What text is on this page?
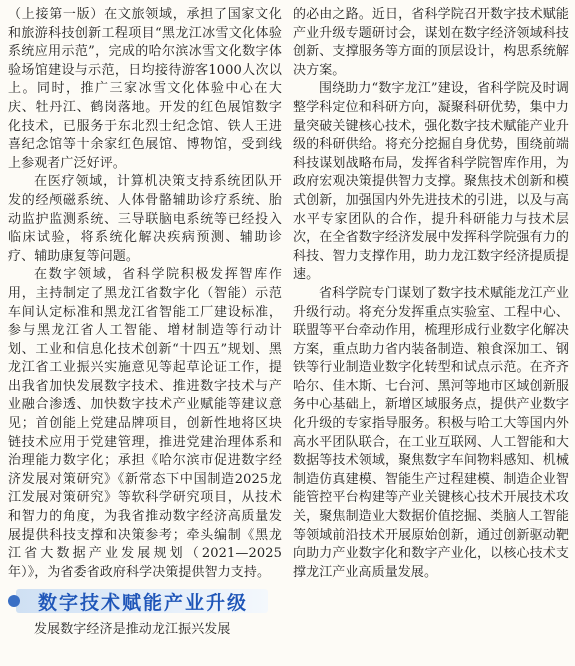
（上接第一版）在文旅领域，承担了国家文化和旅游科技创新工程项目“黑龙江冰雪文化体验系统应用示范”，完成的哈尔滨冰雪文化数字体验场馆建设与示范，日均接待游客1000人次以上。同时，推广三家冰雪文化体验中心在大庆、牡丹江、鹤岗落地。开发的红色展馆数字化技术，已服务于东北烈士纪念馆、铁人王进喜纪念馆等十余家红色展馆、博物馆，受到线上参观者广泛好评。

在医疗领域，计算机决策支持系统团队开发的经颅磁系统、人体骨骼辅助诊疗系统、胎动监护监测系统、三导联脑电系统等已经投入临床试验，将系统化解决疾病预测、辅助诊疗、辅助康复等问题。

在数字领域，省科学院积极发挥智库作用，主持制定了黑龙江省数字化（智能）示范车间认定标准和黑龙江省智能工厂建设标准，参与黑龙江省人工智能、增材制造等行动计划、工业和信息化技术创新“十四五”规划、黑龙江省工业振兴实施意见等起草论证工作，提出我省加快发展数字技术、推进数字技术与产业融合渗透、加快数字技术产业赋能等建议意见；首创能上党建品牌项目，创新性地将区块链技术应用于党建管理，推进党建治理体系和治理能力数字化；承担《哈尔滨市促进数字经济发展对策研究》《新常态下中国制造2025龙江发展对策研究》等软科学研究项目，从技术和智力的角度，为我省推动数字经济高质量发展提供科技支撑和决策参考；牵头编制《黑龙江省大数据产业发展规划（2021—2025年）》，为省委省政府科学决策提供智力支持。

数字技术赋能产业升级

发展数字经济是推动龙江振兴发展

的必由之路。近日，省科学院召开数字技术赋能产业升级专题研讨会，谋划在数字经济领域科技创新、支撑服务等方面的顶层设计，构思系统解决方案。

围绕助力“数字龙江”建设，省科学院及时调整学科定位和科研方向，凝聚科研优势，集中力量突破关键核心技术，强化数字技术赋能产业升级的科研供给。将充分挖掘自身优势，围绕前端科技谋划战略布局，发挥省科学院智库作用，为政府宏观决策提供智力支撑。聚焦技术创新和模式创新，加强国内外先进技术的引进，以及与高水平专家团队的合作，提升科研能力与技术层次，在全省数字经济发展中发挥科学院强有力的科技、智力支撑作用，助力龙江数字经济提质提速。

省科学院专门谋划了数字技术赋能龙江产业升级行动。将充分发挥重点实验室、工程中心、联盟等平台牵动作用，梳理形成行业数字化解决方案，重点助力省内装备制造、粮食深加工、钢铁等行业制造业数字化转型和试点示范。在齐齐哈尔、佳木斯、七台河、黑河等地市区域创新服务中心基础上，新增区域服务点，提供产业数字化升级的专家指导服务。积极与哈工大等国内外高水平团队联合，在工业互联网、人工智能和大数据等技术领域，聚焦数字车间物料感知、机械制造仿真建模、智能生产过程建模、制造企业智能管控平台构建等产业关键核心技术开展技术攻关，聚焦制造业大数据价值挖掘、类脑人工智能等领域前沿技术开展原始创新，通过创新驱动靶向助力产业数字化和数字产业化，以核心技术支撑龙江产业高质量发展。
